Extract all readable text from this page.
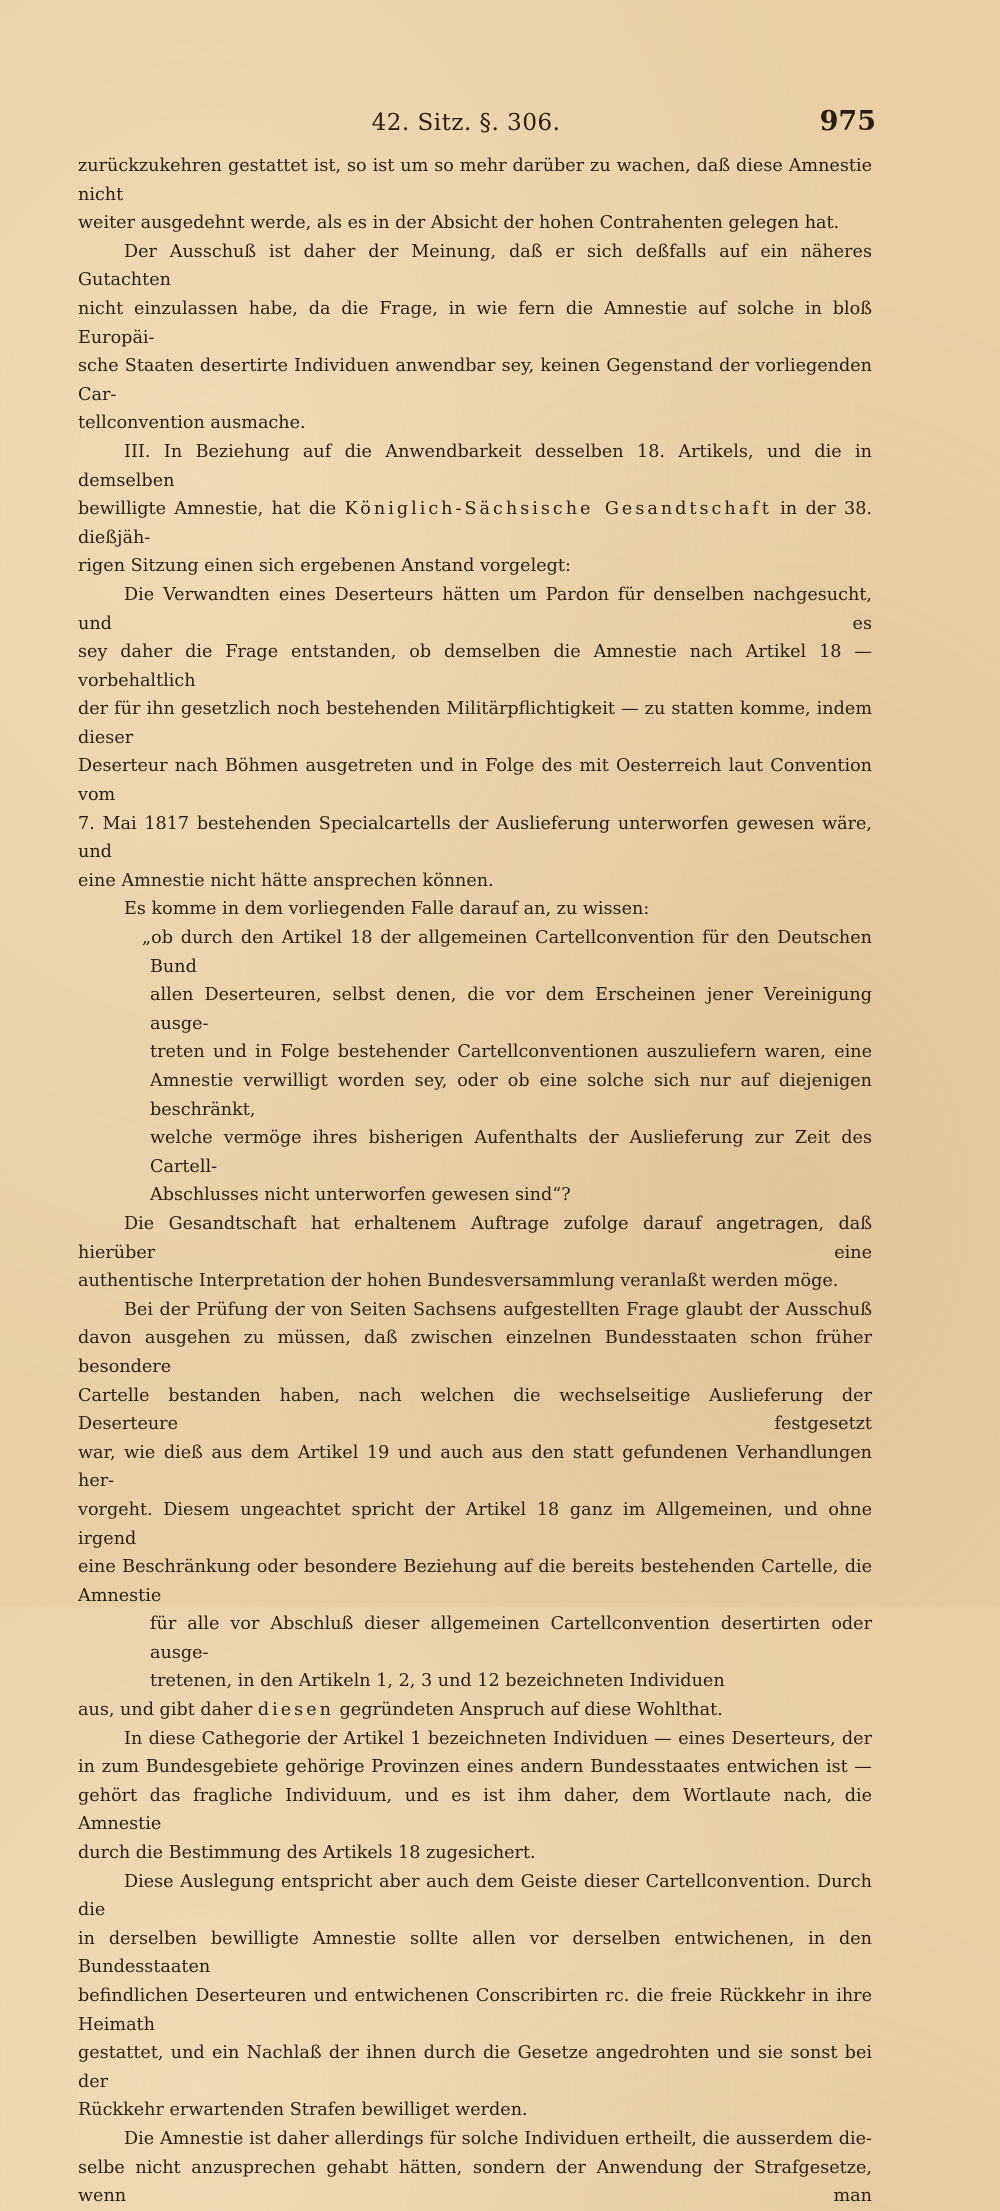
42. Sitz. §. 306.	975

zurückzukehren gestattet ist, so ist um so mehr darüber zu wachen, daß diese Amnestie nicht

weiter ausgedehnt werde, als es in der Absicht der hohen Contrahenten gelegen hat.

Der Ausschuß ist daher der Meinung, daß er sich deßfalls auf ein näheres Gutachten

nicht einzulassen habe, da die Frage, in wie fern die Amnestie auf solche in bloß Europäi-

sche Staaten desertirte Individuen anwendbar sey, keinen Gegenstand der vorliegenden Car-

tellconvention ausmache.

III. In Beziehung auf die Anwendbarkeit desselben 18. Artikels, und die in demselben

bewilligte Amnestie, hat die Königlich-Sächsische Gesandtschaft in der 38. dießjäh-

rigen Sitzung einen sich ergebenen Anstand vorgelegt:

Die Verwandten eines Deserteurs hätten um Pardon für denselben nachgesucht, und es

sey daher die Frage entstanden, ob demselben die Amnestie nach Artikel 18 — vorbehaltlich

der für ihn gesetzlich noch bestehenden Militärpflichtigkeit — zu statten komme, indem dieser

Deserteur nach Böhmen ausgetreten und in Folge des mit Oesterreich laut Convention vom

7. Mai 1817 bestehenden Specialcartells der Auslieferung unterworfen gewesen wäre, und

eine Amnestie nicht hätte ansprechen können.

Es komme in dem vorliegenden Falle darauf an, zu wissen:

„ob durch den Artikel 18 der allgemeinen Cartellconvention für den Deutschen Bund

allen Deserteuren, selbst denen, die vor dem Erscheinen jener Vereinigung ausge-

treten und in Folge bestehender Cartellconventionen auszuliefern waren, eine

Amnestie verwilligt worden sey, oder ob eine solche sich nur auf diejenigen beschränkt,

welche vermöge ihres bisherigen Aufenthalts der Auslieferung zur Zeit des Cartell-

Abschlusses nicht unterworfen gewesen sind“?

Die Gesandtschaft hat erhaltenem Auftrage zufolge darauf angetragen, daß hierüber eine

authentische Interpretation der hohen Bundesversammlung veranlaßt werden möge.

Bei der Prüfung der von Seiten Sachsens aufgestellten Frage glaubt der Ausschuß

davon ausgehen zu müssen, daß zwischen einzelnen Bundesstaaten schon früher besondere

Cartelle bestanden haben, nach welchen die wechselseitige Auslieferung der Deserteure festgesetzt

war, wie dieß aus dem Artikel 19 und auch aus den statt gefundenen Verhandlungen her-

vorgeht. Diesem ungeachtet spricht der Artikel 18 ganz im Allgemeinen, und ohne irgend

eine Beschränkung oder besondere Beziehung auf die bereits bestehenden Cartelle, die

Amnestie

für alle vor Abschluß dieser allgemeinen Cartellconvention desertirten oder ausge-

tretenen, in den Artikeln 1, 2, 3 und 12 bezeichneten Individuen

aus, und gibt daher diesen gegründeten Anspruch auf diese Wohlthat.

In diese Cathegorie der Artikel 1 bezeichneten Individuen — eines Deserteurs, der

in zum Bundesgebiete gehörige Provinzen eines andern Bundesstaates entwichen ist —

gehört das fragliche Individuum, und es ist ihm daher, dem Wortlaute nach, die Amnestie

durch die Bestimmung des Artikels 18 zugesichert.

Diese Auslegung entspricht aber auch dem Geiste dieser Cartellconvention. Durch die

in derselben bewilligte Amnestie sollte allen vor derselben entwichenen, in den Bundesstaaten

befindlichen Deserteuren und entwichenen Conscribirten rc. die freie Rückkehr in ihre Heimath

gestattet, und ein Nachlaß der ihnen durch die Gesetze angedrohten und sie sonst bei der

Rückkehr erwartenden Strafen bewilliget werden.

Die Amnestie ist daher allerdings für solche Individuen ertheilt, die ausserdem die-

selbe nicht anzusprechen gehabt hätten, sondern der Anwendung der Strafgesetze, wenn man
